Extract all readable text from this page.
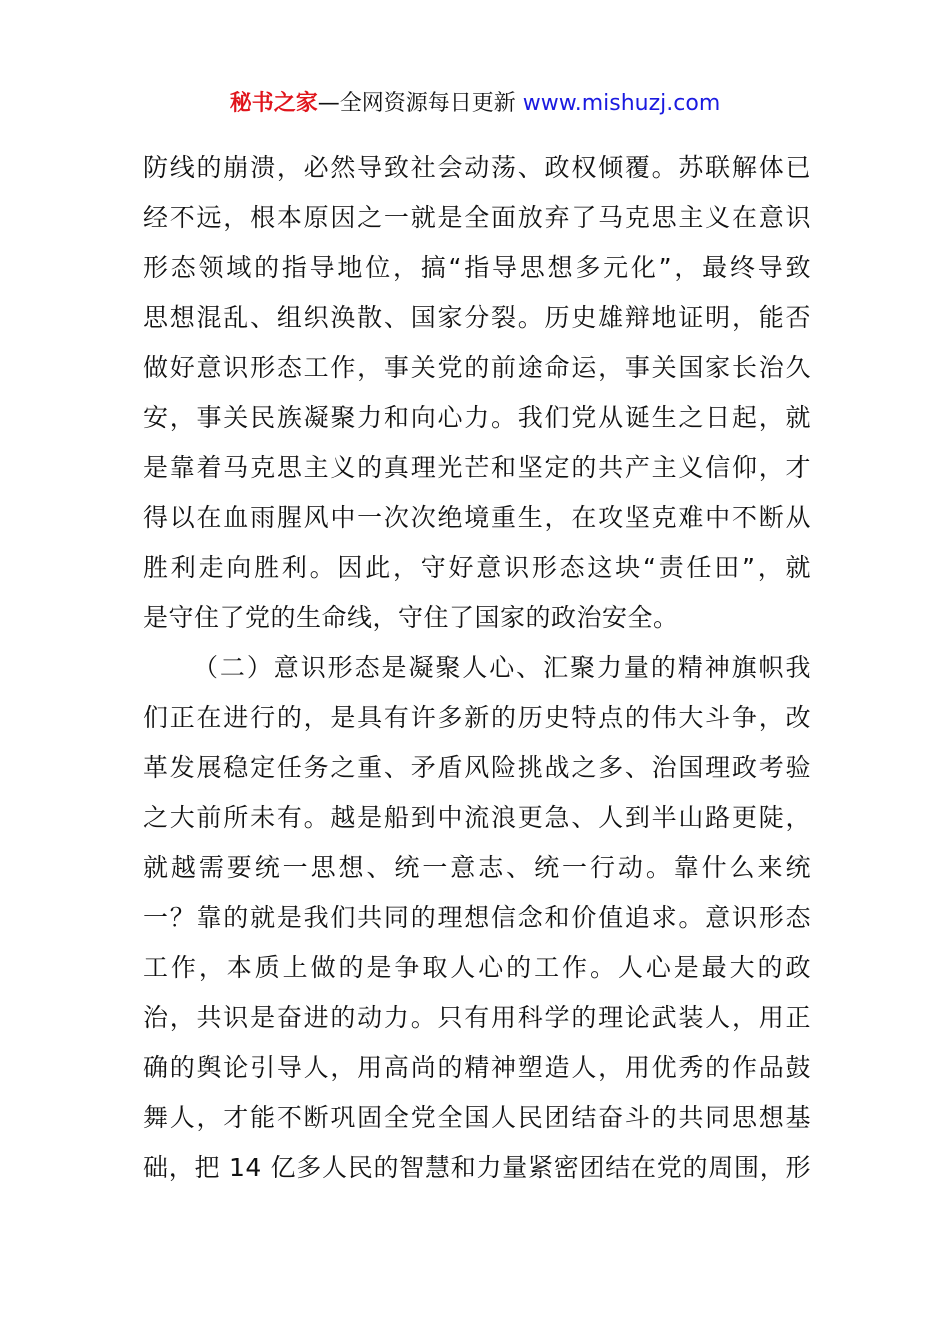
秘书之家—全网资源每日更新 www.mishuzj.com
防线的崩溃，必然导致社会动荡、政权倾覆。苏联解体已
经不远，根本原因之一就是全面放弃了马克思主义在意识
形态领域的指导地位，搞“指导思想多元化”，最终导致
思想混乱、组织涣散、国家分裂。历史雄辩地证明，能否
做好意识形态工作，事关党的前途命运，事关国家长治久
安，事关民族凝聚力和向心力。我们党从诞生之日起，就
是靠着马克思主义的真理光芒和坚定的共产主义信仰，才
得以在血雨腥风中一次次绝境重生，在攻坚克难中不断从
胜利走向胜利。因此，守好意识形态这块“责任田”，就
是守住了党的生命线，守住了国家的政治安全。
（二）意识形态是凝聚人心、汇聚力量的精神旗帜我
们正在进行的，是具有许多新的历史特点的伟大斗争，改
革发展稳定任务之重、矛盾风险挑战之多、治国理政考验
之大前所未有。越是船到中流浪更急、人到半山路更陡，
就越需要统一思想、统一意志、统一行动。靠什么来统
一？靠的就是我们共同的理想信念和价值追求。意识形态
工作，本质上做的是争取人心的工作。人心是最大的政
治，共识是奋进的动力。只有用科学的理论武装人，用正
确的舆论引导人，用高尚的精神塑造人，用优秀的作品鼓
舞人，才能不断巩固全党全国人民团结奋斗的共同思想基
础，把 14 亿多人民的智慧和力量紧密团结在党的周围，形
